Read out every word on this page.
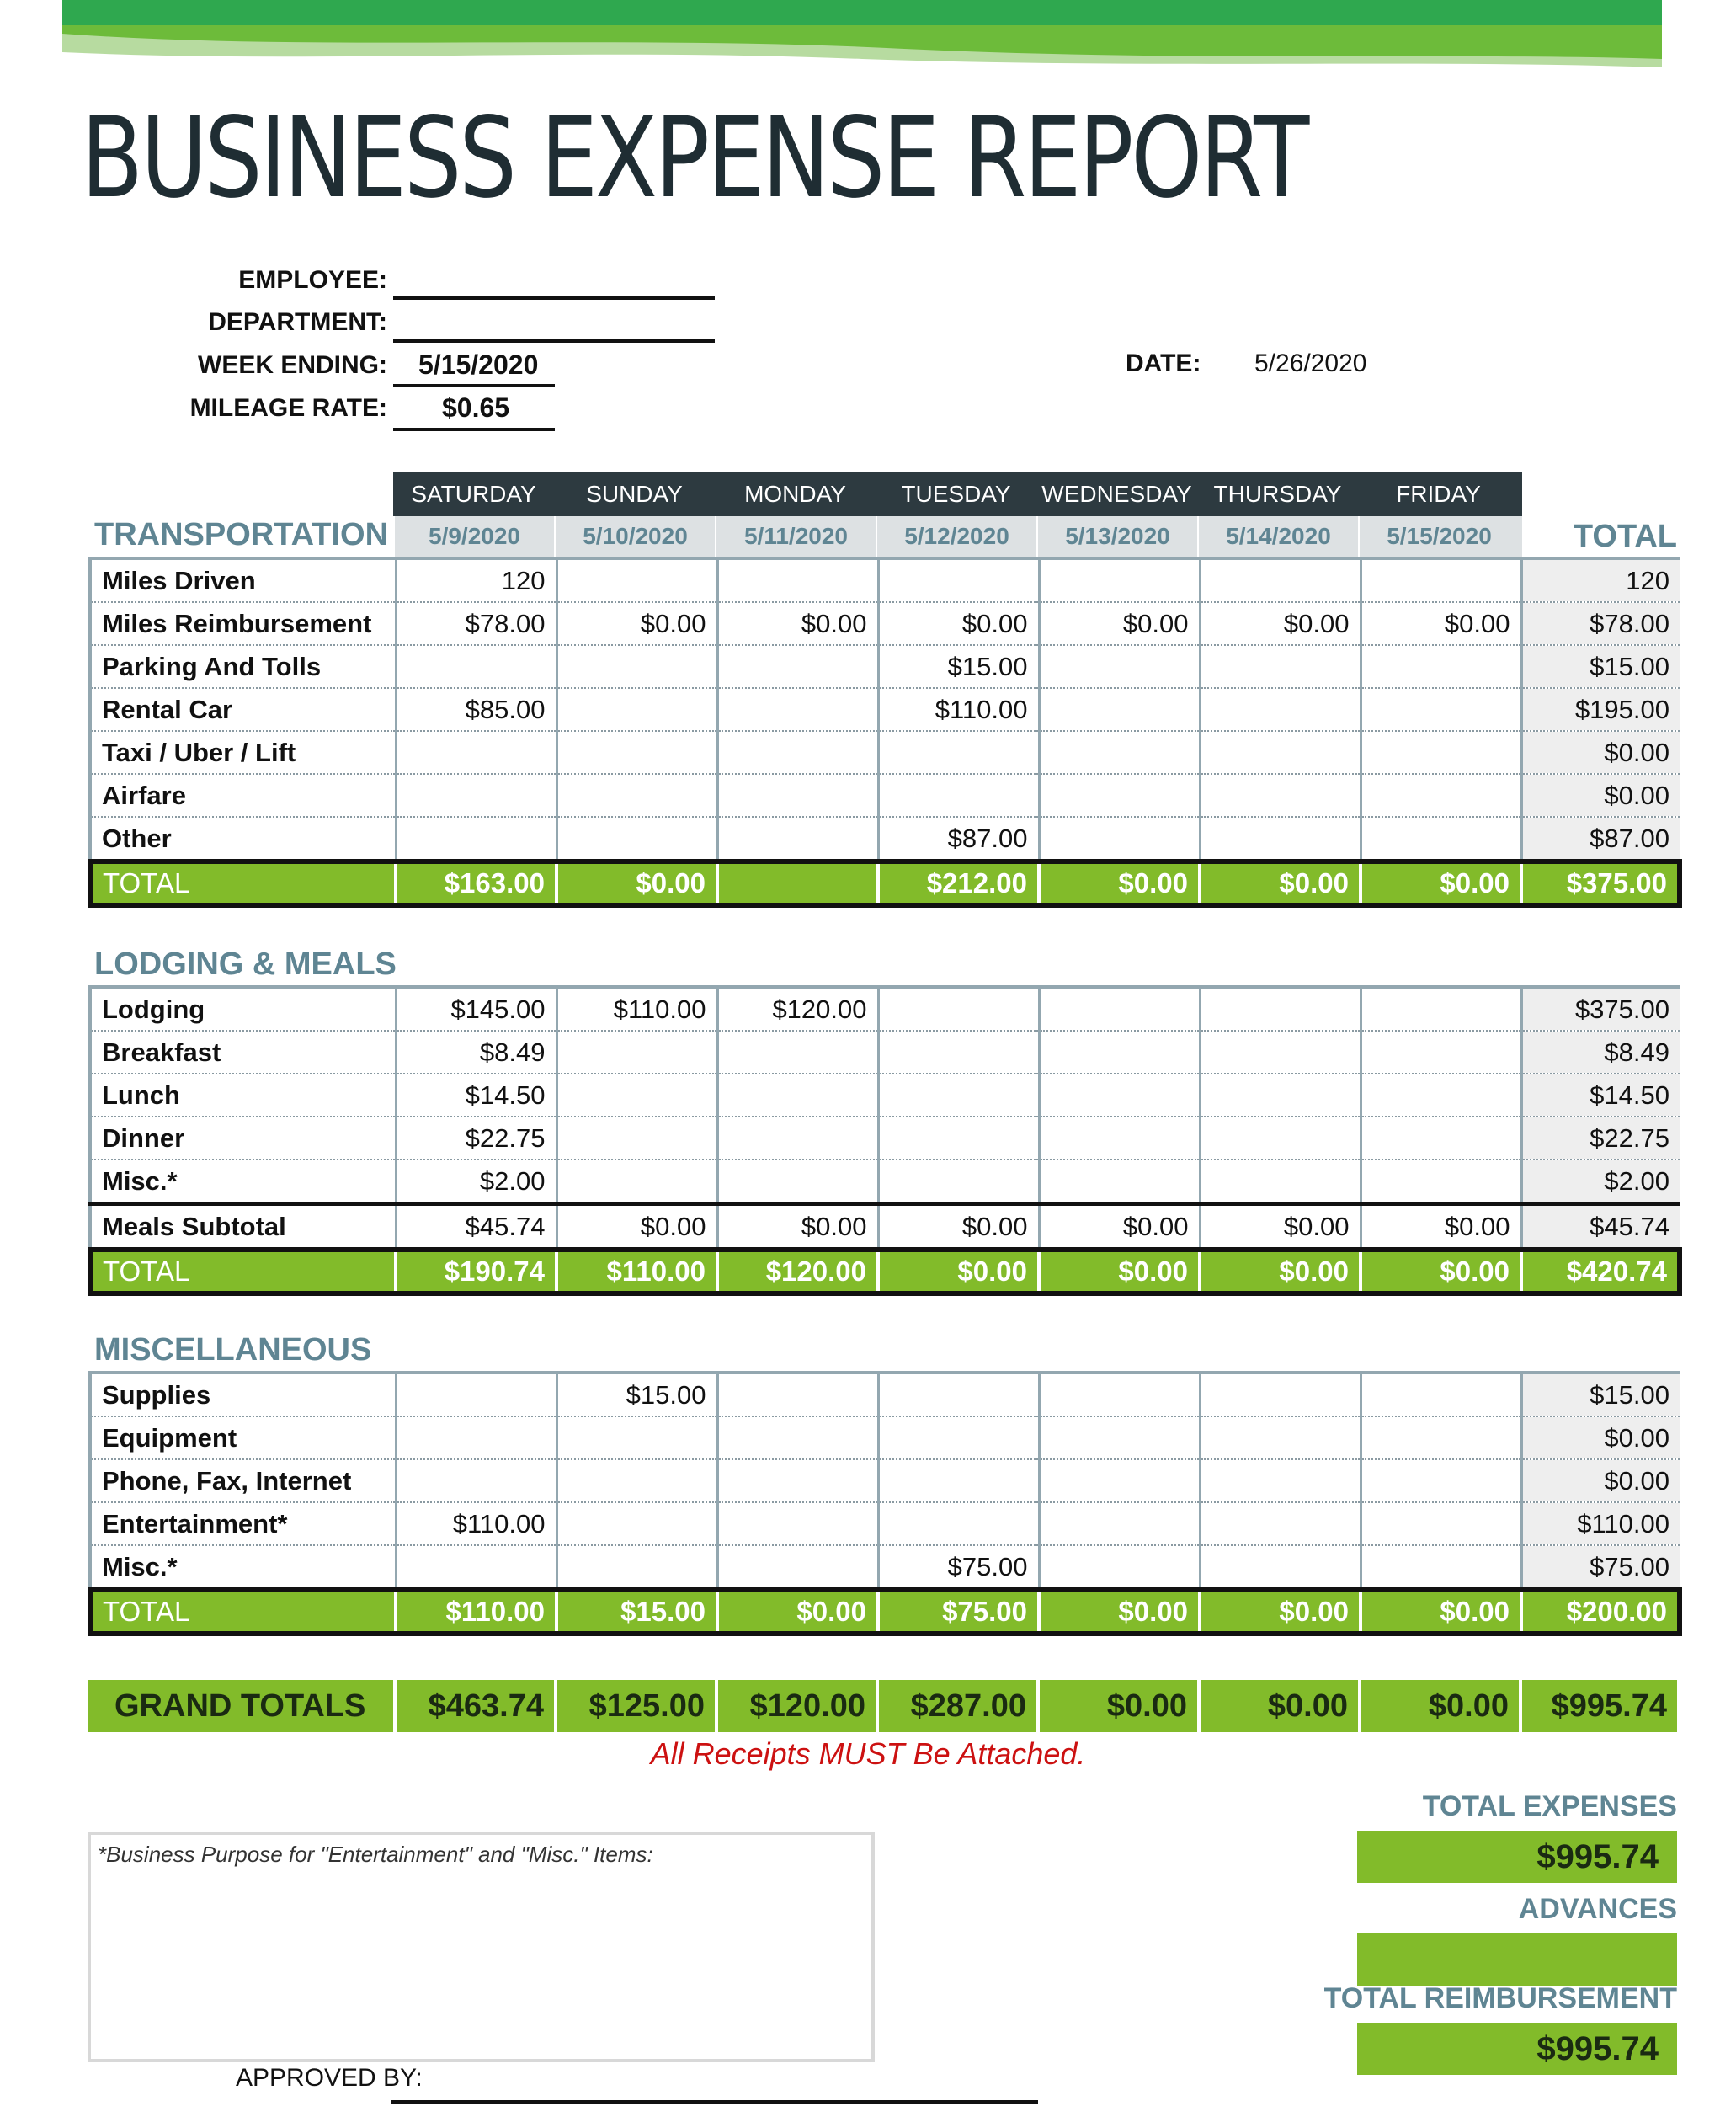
BUSINESS EXPENSE REPORT
EMPLOYEE:
DEPARTMENT:
WEEK ENDING: 5/15/2020
MILEAGE RATE: $0.65
DATE: 5/26/2020
SATURDAY	SUNDAY	MONDAY	TUESDAY	WEDNESDAY THURSDAY	FRIDAY
5/9/2020	5/10/2020	5/11/2020	5/12/2020	5/13/2020	5/14/2020	5/15/2020	TOTAL
TRANSPORTATION
LODGING & MEALS
MISCELLANEOUS
Miles Driven	120							120
Miles Reimbursement	$78.00	$0.00	$0.00	$0.00	$0.00	$0.00	$0.00	$78.00
Parking And Tolls				$15.00				$15.00
Rental Car	$85.00			$110.00				$195.00
Taxi / Uber / Lift								$0.00
Airfare								$0.00
Other				$87.00				$87.00
TOTAL	$163.00	$0.00		$212.00	$0.00	$0.00	$0.00	$375.00
Lodging	$145.00	$110.00	$120.00					$375.00
Breakfast	$8.49							$8.49
Lunch	$14.50							$14.50
Dinner	$22.75							$22.75
Misc.*	$2.00							$2.00
Meals Subtotal	$45.74	$0.00	$0.00	$0.00	$0.00	$0.00	$0.00	$45.74
TOTAL	$190.74	$110.00	$120.00	$0.00	$0.00	$0.00	$0.00	$420.74
Supplies		$15.00						$15.00
Equipment								$0.00
Phone, Fax, Internet								$0.00
Entertainment*	$110.00							$110.00
Misc.*				$75.00				$75.00
TOTAL	$110.00	$15.00	$0.00	$75.00	$0.00	$0.00	$0.00	$200.00
GRAND TOTALS	$463.74	$125.00	$120.00	$287.00	$0.00	$0.00	$0.00	$995.74
All Receipts MUST Be Attached.
*Business Purpose for "Entertainment" and "Misc." Items:
TOTAL EXPENSES
$995.74
ADVANCES
TOTAL REIMBURSEMENT
$995.74
APPROVED BY:
